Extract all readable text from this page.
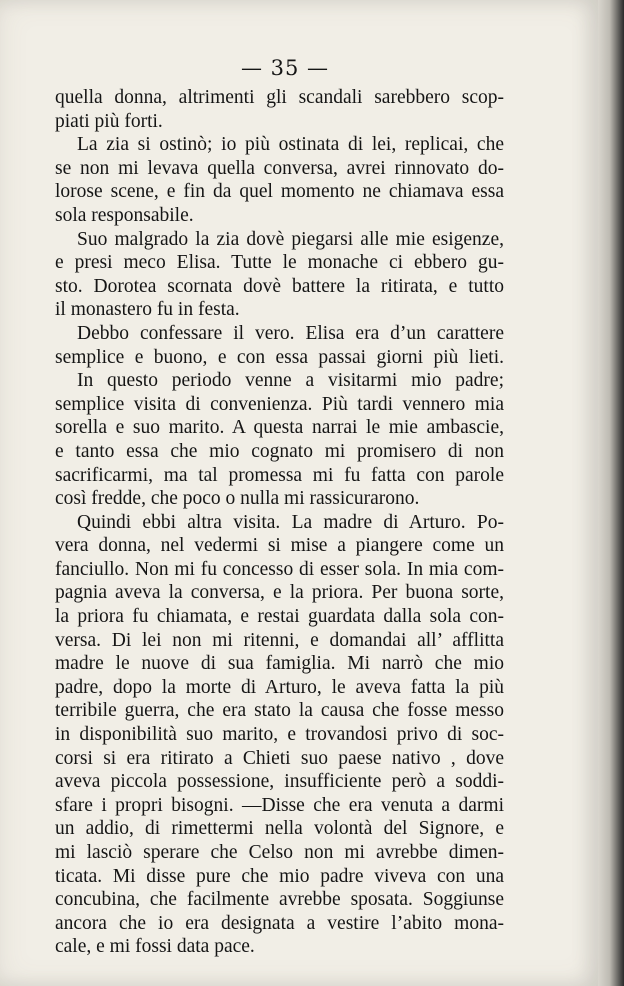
— 35 —
quella donna, altrimenti gli scandali sarebbero scop-
piati più forti.
La zia si ostinò; io più ostinata di lei, replicai, che
se non mi levava quella conversa, avrei rinnovato do-
lorose scene, e fin da quel momento ne chiamava essa
sola responsabile.
Suo malgrado la zia dovè piegarsi alle mie esigenze,
e presi meco Elisa. Tutte le monache ci ebbero gu-
sto. Dorotea scornata dovè battere la ritirata, e tutto
il monastero fu in festa.
Debbo confessare il vero. Elisa era d’un carattere
semplice e buono, e con essa passai giorni più lieti.
In questo periodo venne a visitarmi mio padre;
semplice visita di convenienza. Più tardi vennero mia
sorella e suo marito. A questa narrai le mie ambascie,
e tanto essa che mio cognato mi promisero di non
sacrificarmi, ma tal promessa mi fu fatta con parole
così fredde, che poco o nulla mi rassicurarono.
Quindi ebbi altra visita. La madre di Arturo. Po-
vera donna, nel vedermi si mise a piangere come un
fanciullo. Non mi fu concesso di esser sola. In mia com-
pagnia aveva la conversa, e la priora. Per buona sorte,
la priora fu chiamata, e restai guardata dalla sola con-
versa. Di lei non mi ritenni, e domandai all’ afflitta
madre le nuove di sua famiglia. Mi narrò che mio
padre, dopo la morte di Arturo, le aveva fatta la più
terribile guerra, che era stato la causa che fosse messo
in disponibilità suo marito, e trovandosi privo di soc-
corsi si era ritirato a Chieti suo paese nativo , dove
aveva piccola possessione, insufficiente però a soddi-
sfare i propri bisogni. —Disse che era venuta a darmi
un addio, di rimettermi nella volontà del Signore, e
mi lasciò sperare che Celso non mi avrebbe dimen-
ticata. Mi disse pure che mio padre viveva con una
concubina, che facilmente avrebbe sposata. Soggiunse
ancora che io era designata a vestire l’abito mona-
cale, e mi fossi data pace.
